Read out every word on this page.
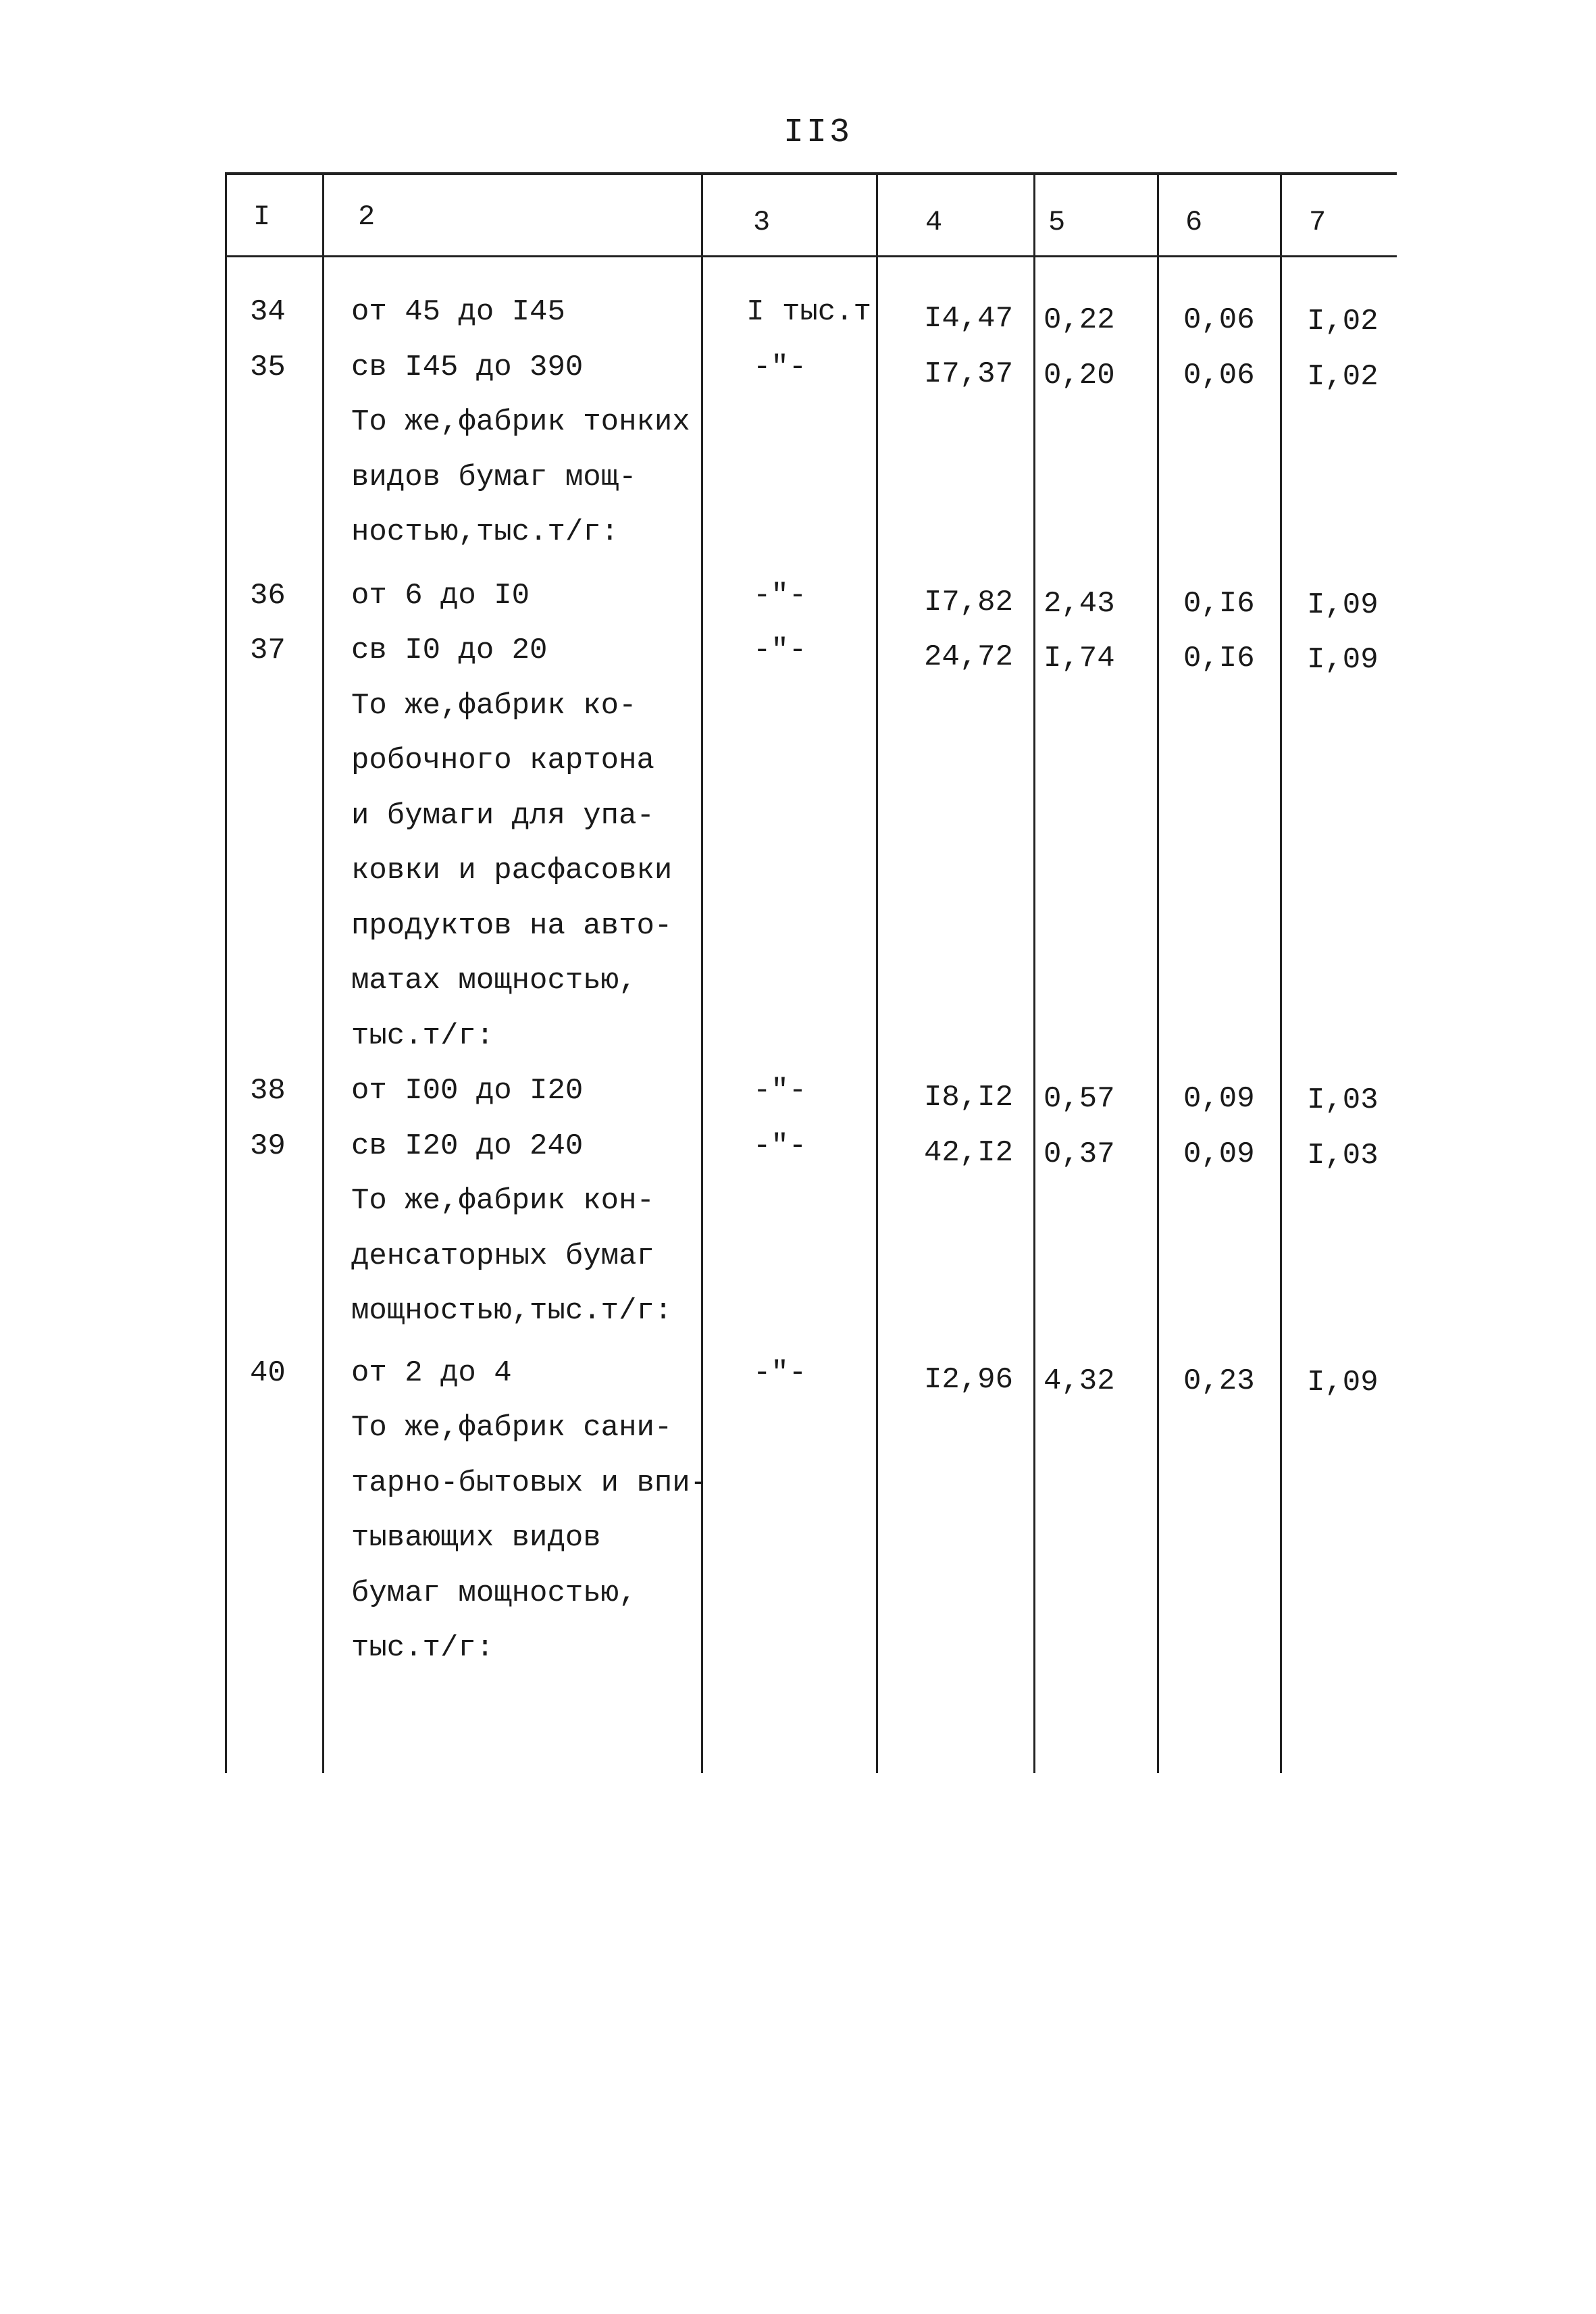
II3
I	2	3	4	5	6	7
34 от 45 до I45	I тыс.т	I4,47 0,22 0,06 I,02
35 св I45 до 390	-"-	I7,37 0,20 0,06 I,02
То же,фабрик тонких
видов бумаг мощ-
ностью,тыс.т/г:
36 от 6 до I0	-"-	I7,82 2,43 0,I6 I,09
37 св I0 до 20	-"-	24,72 I,74 0,I6 I,09
То же,фабрик ко-
робочного картона
и бумаги для упа-
ковки и расфасовки
продуктов на авто-
матах мощностью,
тыс.т/г:
38 от I00 до I20	-"-	I8,I2 0,57 0,09 I,03
39 св I20 до 240	-"-	42,I2 0,37 0,09 I,03
То же,фабрик кон-
денсаторных бумаг
мощностью,тыс.т/г:
40 от 2 до 4	-"-	I2,96 4,32 0,23 I,09
То же,фабрик сани-
тарно-бытовых и впи-
тывающих видов
бумаг мощностью,
тыс.т/г:
